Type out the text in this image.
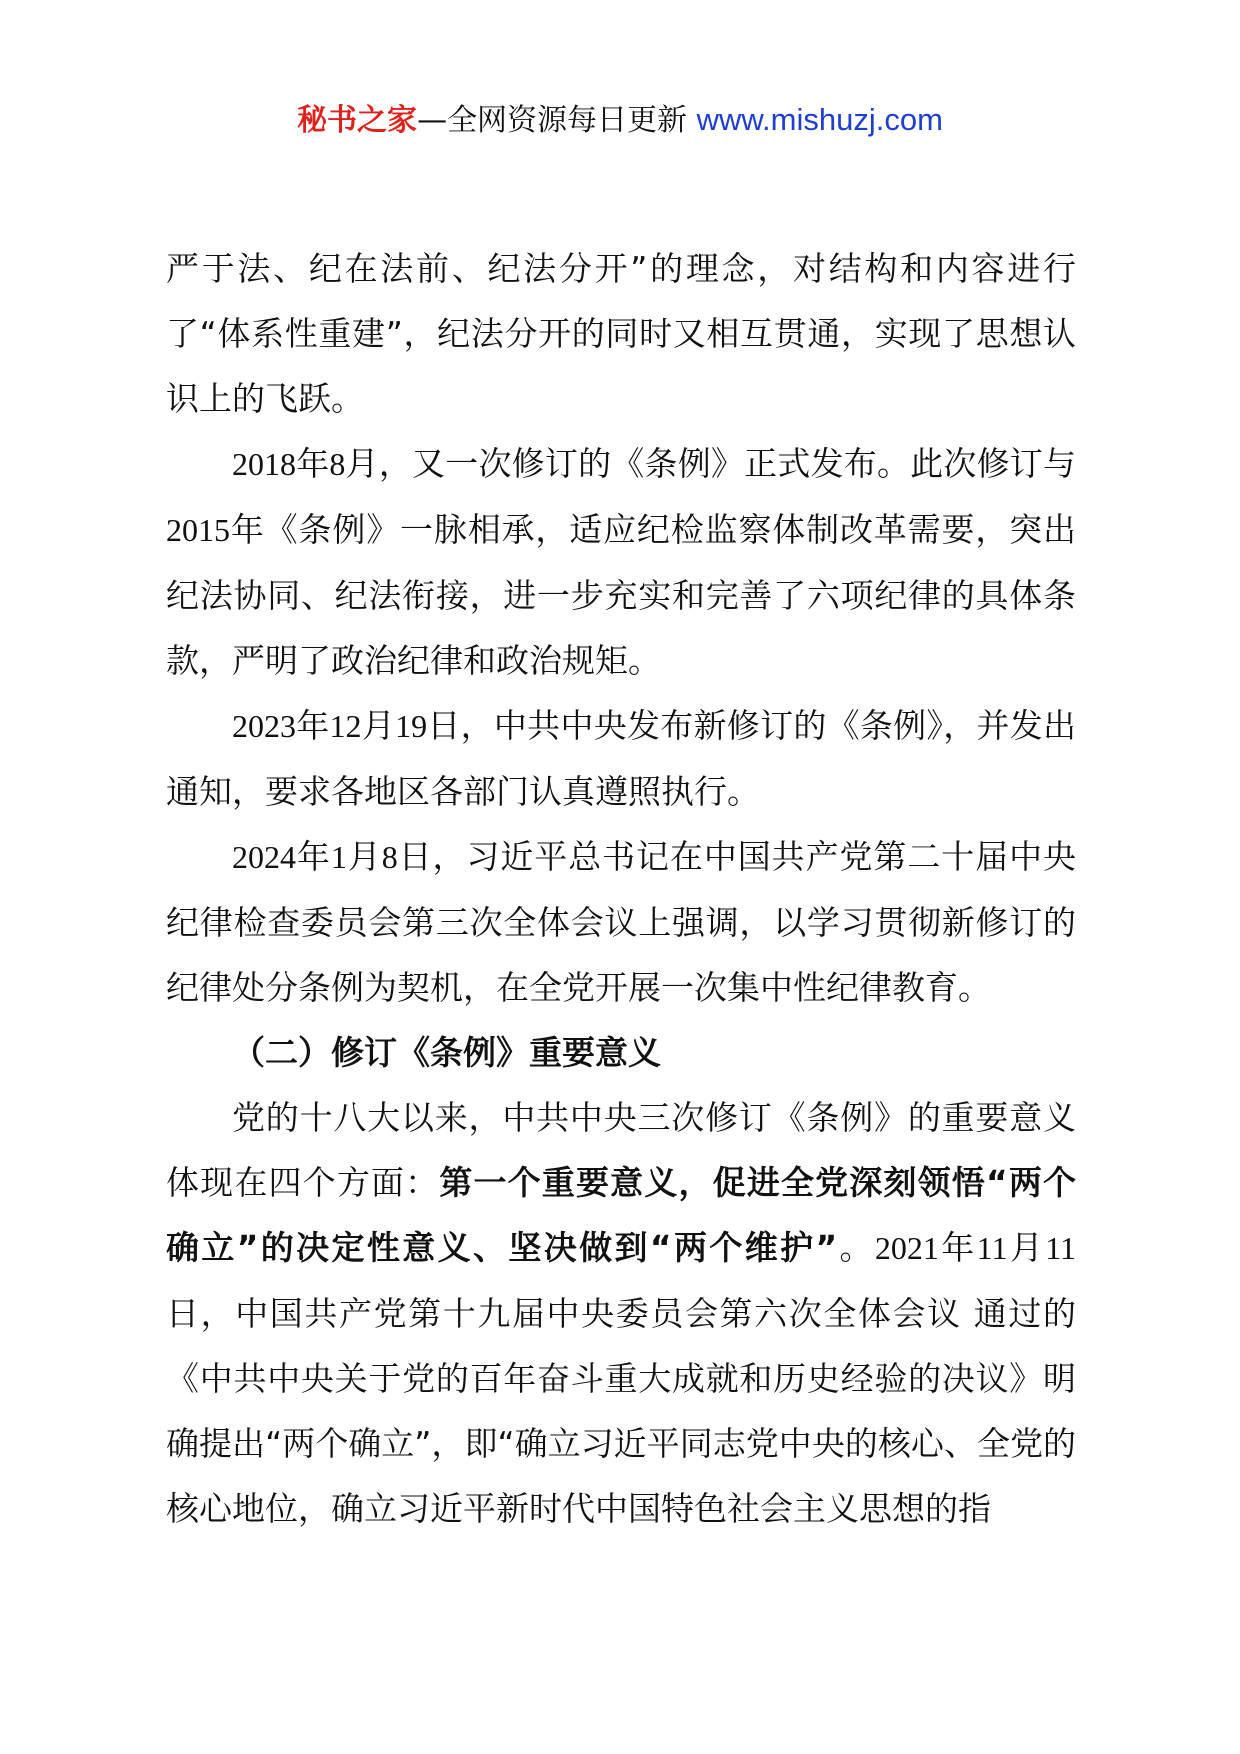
秘书之家—全网资源每日更新 www.mishuzj.com

严于法、纪在法前、纪法分开”的理念，对结构和内容进行了“体系性重建”，纪法分开的同时又相互贯通，实现了思想认识上的飞跃。

2018年8月，又一次修订的《条例》正式发布。此次修订与2015年《条例》一脉相承，适应纪检监察体制改革需要，突出纪法协同、纪法衔接，进一步充实和完善了六项纪律的具体条款，严明了政治纪律和政治规矩。

2023年12月19日，中共中央发布新修订的《条例》，并发出通知，要求各地区各部门认真遵照执行。

2024年1月8日，习近平总书记在中国共产党第二十届中央纪律检查委员会第三次全体会议上强调，以学习贯彻新修订的纪律处分条例为契机，在全党开展一次集中性纪律教育。

（二）修订《条例》重要意义

党的十八大以来，中共中央三次修订《条例》的重要意义体现在四个方面：第一个重要意义，促进全党深刻领悟“两个确立”的决定性意义、坚决做到“两个维护”。2021年11月11日，中国共产党第十九届中央委员会第六次全体会议 通过的《中共中央关于党的百年奋斗重大成就和历史经验的决议》明确提出“两个确立”，即“确立习近平同志党中央的核心、全党的核心地位，确立习近平新时代中国特色社会主义思想的指
